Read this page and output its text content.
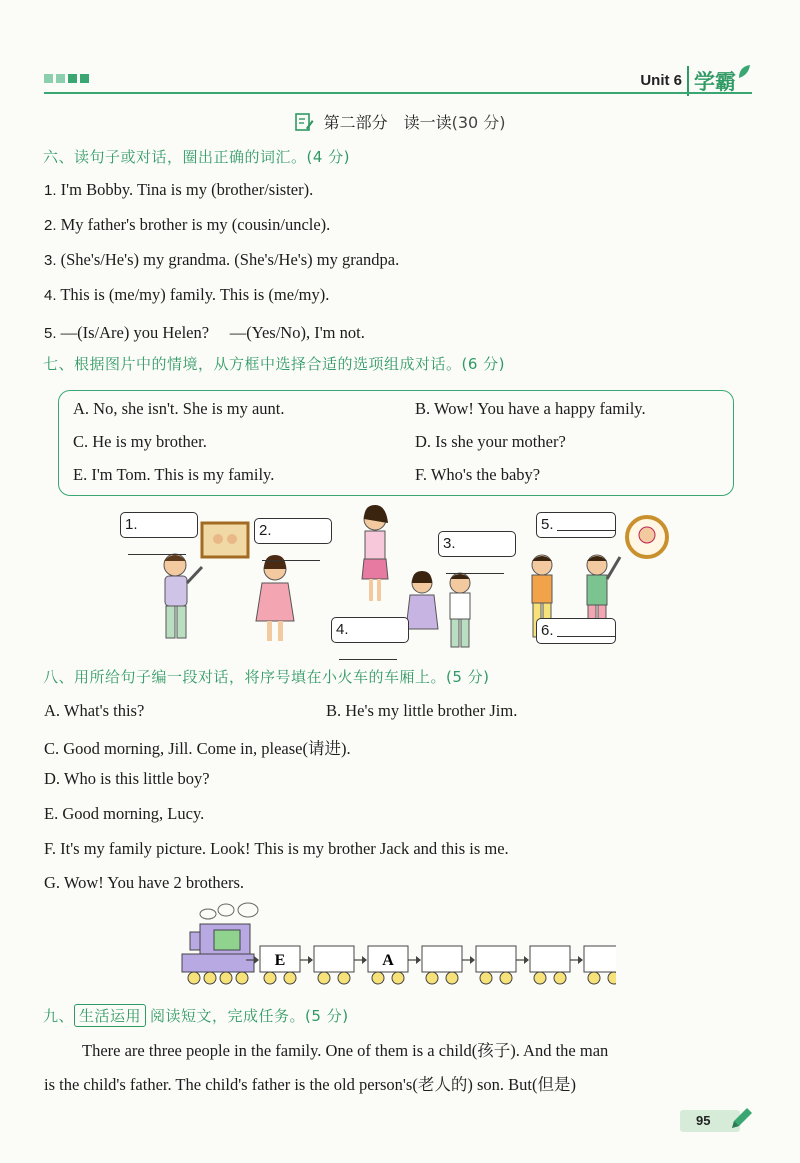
Unit 6 学霸
第二部分　读一读(30 分)
六、读句子或对话，圈出正确的词汇。(4 分)
1. I'm Bobby. Tina is my (brother/sister).
2. My father's brother is my (cousin/uncle).
3. (She's/He's) my grandma. (She's/He's) my grandpa.
4. This is (me/my) family. This is (me/my).
5. —(Is/Are) you Helen?　 —(Yes/No), I'm not.
七、根据图片中的情境，从方框中选择合适的选项组成对话。(6 分)
A. No, she isn't. She is my aunt.	B. Wow! You have a happy family.
C. He is my brother.	D. Is she your mother?
E. I'm Tom. This is my family.	F. Who's the baby?
1.	2.
3.
4.
5.
6.
八、用所给句子编一段对话，将序号填在小火车的车厢上。(5 分)
A. What's this?	B. He's my little brother Jim.
C. Good morning, Jill. Come in, please(请进).
D. Who is this little boy?
E. Good morning, Lucy.
F. It's my family picture. Look! This is my brother Jack and this is me.
G. Wow! You have 2 brothers.
E	A
九、 生活运用 阅读短文，完成任务。(5 分)
There are three people in the family. One of them is a child(孩子). And the man
is the child's father. The child's father is the old person's(老人的) son. But(但是)
95
